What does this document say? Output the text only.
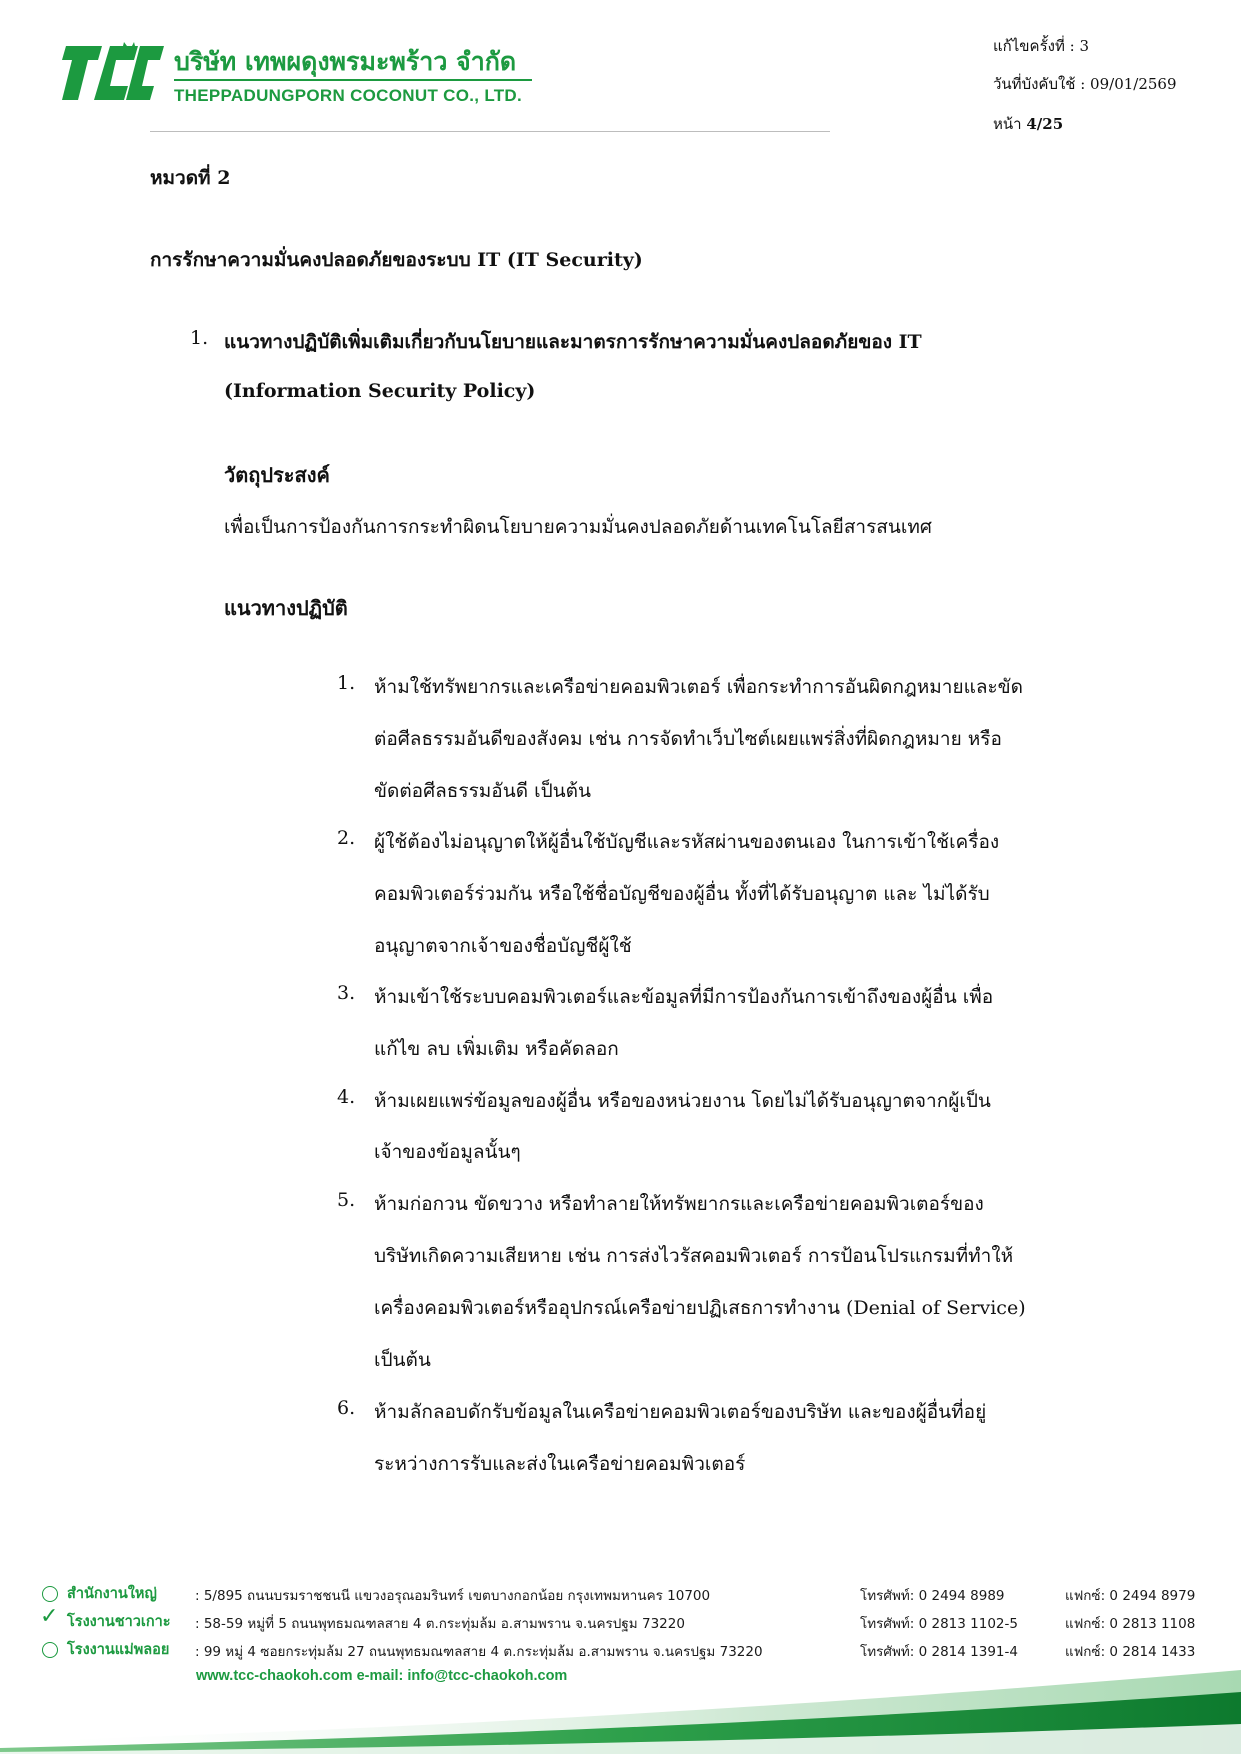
บริษัท เทพผดุงพรมะพร้าว จำกัด
THEPPADUNGPORN COCONUT CO., LTD.
แก้ไขครั้งที่ : 3
วันที่บังคับใช้ : 09/01/2569
หน้า 4/25
หมวดที่ 2
การรักษาความมั่นคงปลอดภัยของระบบ IT (IT Security)
1. แนวทางปฏิบัติเพิ่มเติมเกี่ยวกับนโยบายและมาตรการรักษาความมั่นคงปลอดภัยของ IT
(Information Security Policy)
วัตถุประสงค์
เพื่อเป็นการป้องกันการกระทำผิดนโยบายความมั่นคงปลอดภัยด้านเทคโนโลยีสารสนเทศ
แนวทางปฏิบัติ
1. ห้ามใช้ทรัพยากรและเครือข่ายคอมพิวเตอร์ เพื่อกระทำการอันผิดกฎหมายและขัด
ต่อศีลธรรมอันดีของสังคม เช่น การจัดทำเว็บไซต์เผยแพร่สิ่งที่ผิดกฎหมาย หรือ
ขัดต่อศีลธรรมอันดี เป็นต้น
2. ผู้ใช้ต้องไม่อนุญาตให้ผู้อื่นใช้บัญชีและรหัสผ่านของตนเอง ในการเข้าใช้เครื่อง
คอมพิวเตอร์ร่วมกัน หรือใช้ชื่อบัญชีของผู้อื่น ทั้งที่ได้รับอนุญาต และ ไม่ได้รับ
อนุญาตจากเจ้าของชื่อบัญชีผู้ใช้
3. ห้ามเข้าใช้ระบบคอมพิวเตอร์และข้อมูลที่มีการป้องกันการเข้าถึงของผู้อื่น เพื่อ
แก้ไข ลบ เพิ่มเติม หรือคัดลอก
4. ห้ามเผยแพร่ข้อมูลของผู้อื่น หรือของหน่วยงาน โดยไม่ได้รับอนุญาตจากผู้เป็น
เจ้าของข้อมูลนั้นๆ
5. ห้ามก่อกวน ขัดขวาง หรือทำลายให้ทรัพยากรและเครือข่ายคอมพิวเตอร์ของ
บริษัทเกิดความเสียหาย เช่น การส่งไวรัสคอมพิวเตอร์ การป้อนโปรแกรมที่ทำให้
เครื่องคอมพิวเตอร์หรืออุปกรณ์เครือข่ายปฏิเสธการทำงาน (Denial of Service)
เป็นต้น
6. ห้ามลักลอบดักรับข้อมูลในเครือข่ายคอมพิวเตอร์ของบริษัท และของผู้อื่นที่อยู่
ระหว่างการรับและส่งในเครือข่ายคอมพิวเตอร์
สำนักงานใหญ่	: 5/895 ถนนบรมราชชนนี แขวงอรุณอมรินทร์ เขตบางกอกน้อย กรุงเทพมหานคร 10700	โทรศัพท์: 0 2494 8989	แฟกซ์: 0 2494 8979
✓ โรงงานชาวเกาะ : 58-59 หมู่ที่ 5 ถนนพุทธมณฑลสาย 4 ต.กระทุ่มล้ม อ.สามพราน จ.นครปฐม 73220	โทรศัพท์: 0 2813 1102-5	แฟกซ์: 0 2813 1108
โรงงานแม่พลอย : 99 หมู่ 4 ซอยกระทุ่มล้ม 27 ถนนพุทธมณฑลสาย 4 ต.กระทุ่มล้ม อ.สามพราน จ.นครปฐม 73220	โทรศัพท์: 0 2814 1391-4	แฟกซ์: 0 2814 1433
www.tcc-chaokoh.com e-mail: info@tcc-chaokoh.com
